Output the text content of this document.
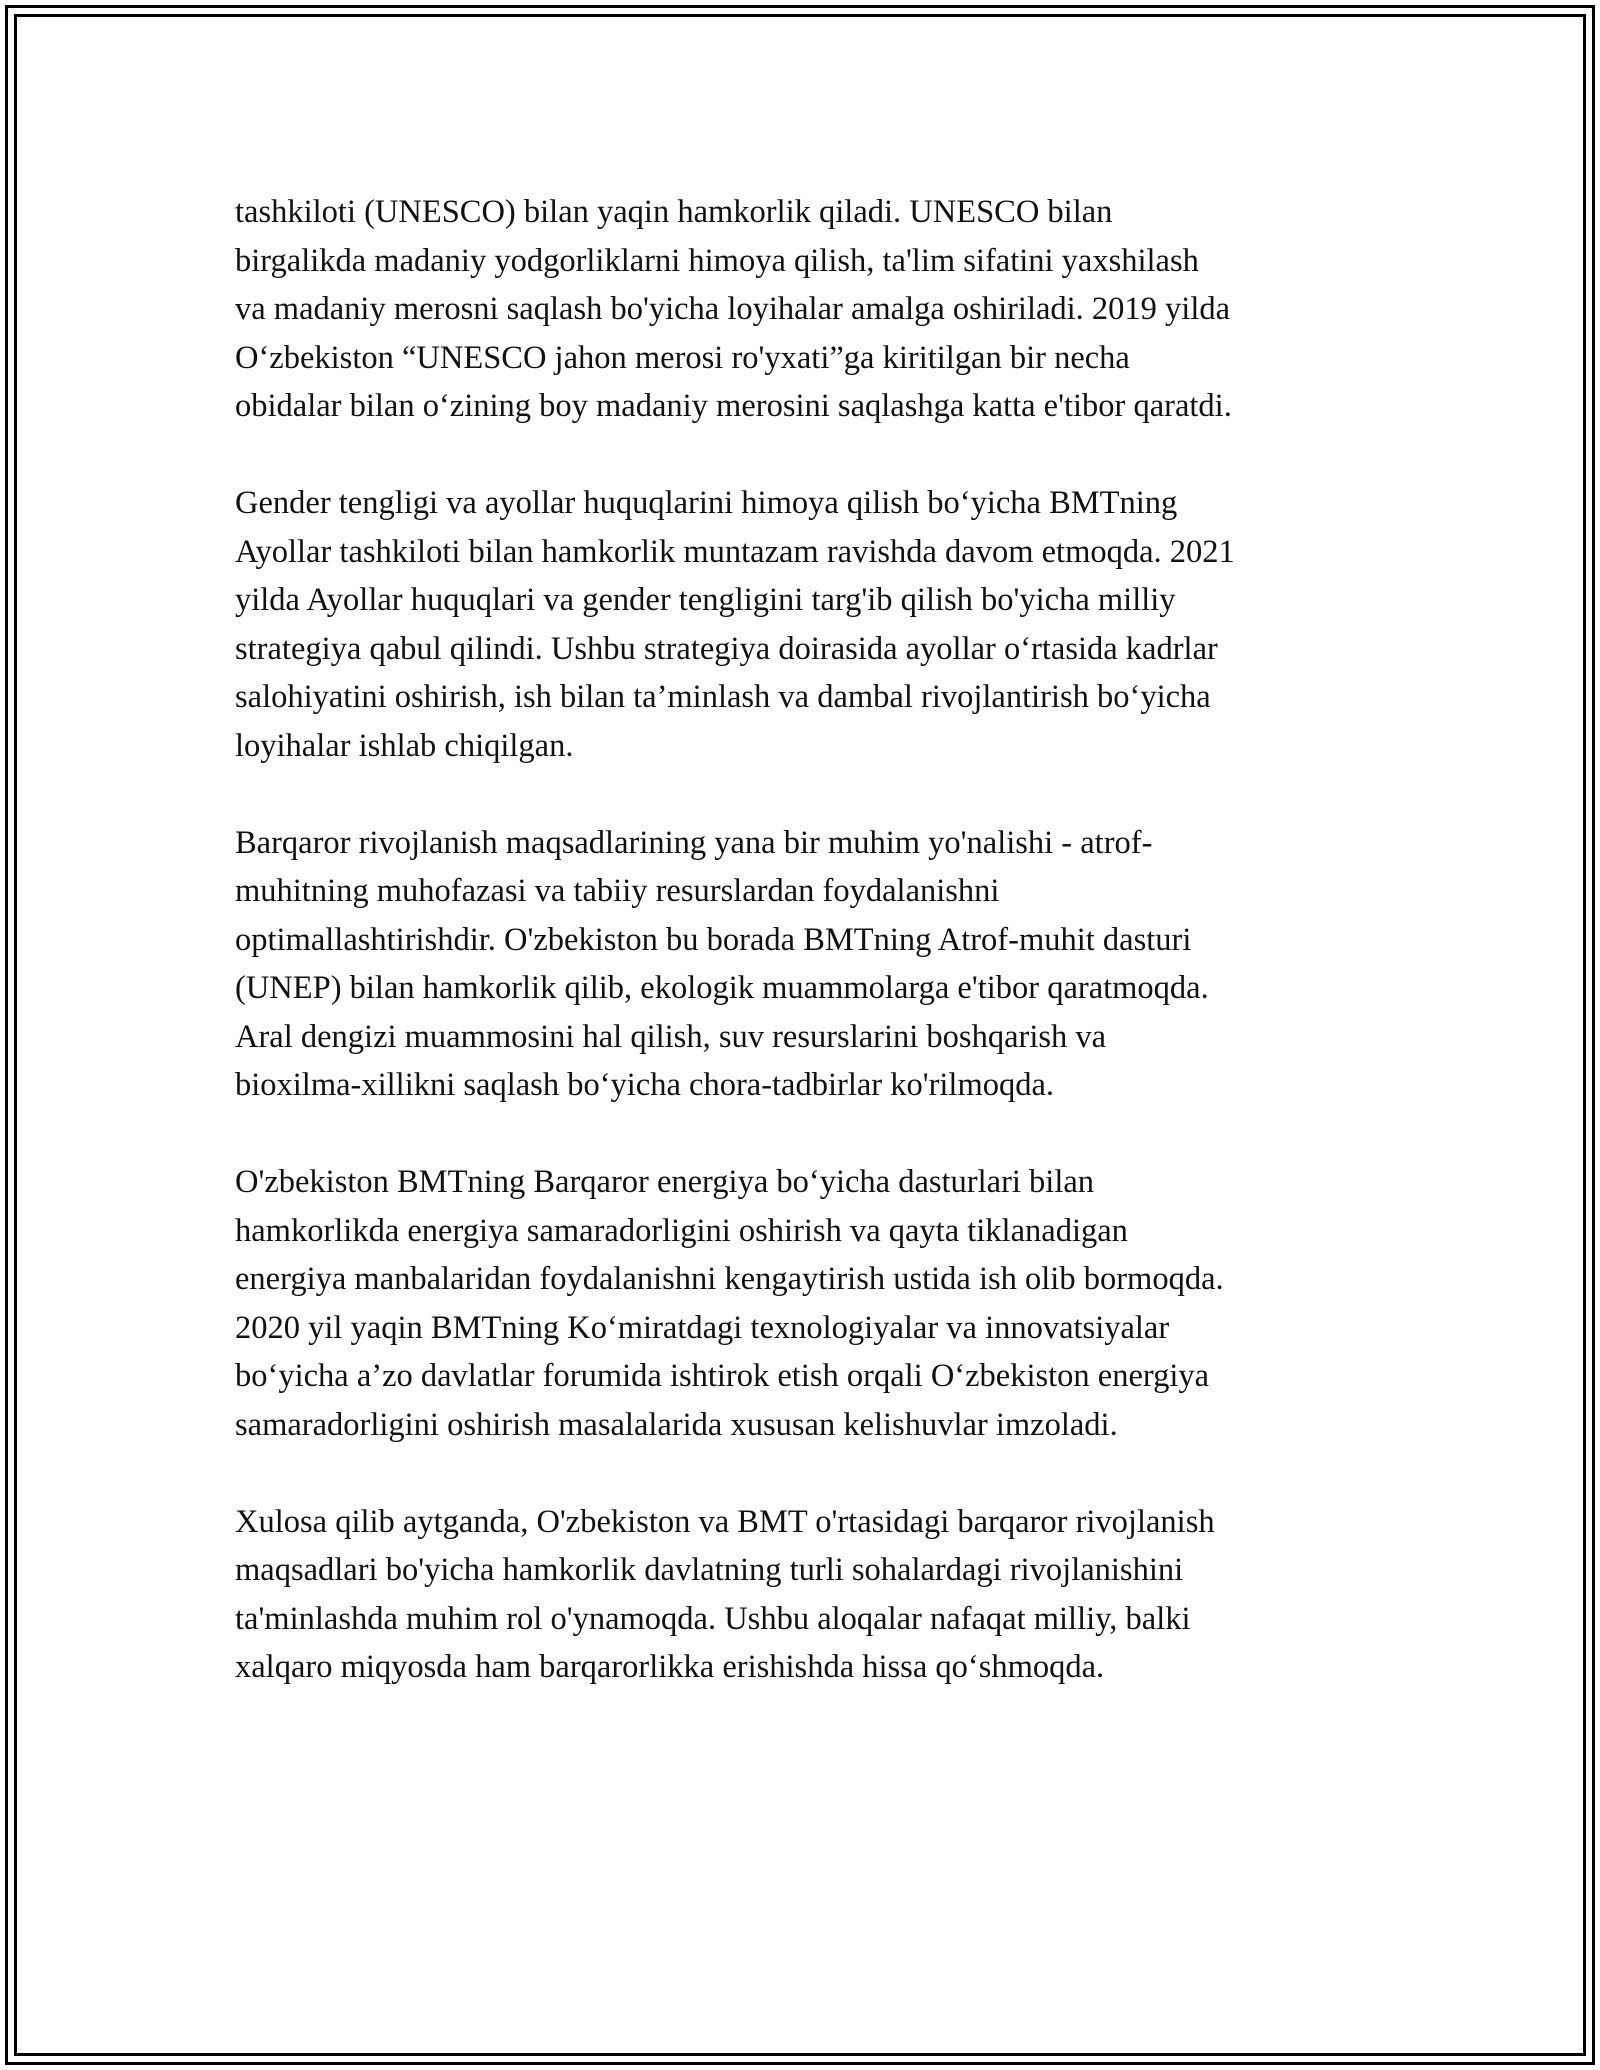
tashkiloti (UNESCO) bilan yaqin hamkorlik qiladi. UNESCO bilan
birgalikda madaniy yodgorliklarni himoya qilish, ta'lim sifatini yaxshilash
va madaniy merosni saqlash bo'yicha loyihalar amalga oshiriladi. 2019 yilda
O‘zbekiston “UNESCO jahon merosi ro'yxati”ga kiritilgan bir necha
obidalar bilan o‘zining boy madaniy merosini saqlashga katta e'tibor qaratdi.

Gender tengligi va ayollar huquqlarini himoya qilish bo‘yicha BMTning
Ayollar tashkiloti bilan hamkorlik muntazam ravishda davom etmoqda. 2021
yilda Ayollar huquqlari va gender tengligini targ'ib qilish bo'yicha milliy
strategiya qabul qilindi. Ushbu strategiya doirasida ayollar o‘rtasida kadrlar
salohiyatini oshirish, ish bilan ta’minlash va dambal rivojlantirish bo‘yicha
loyihalar ishlab chiqilgan.

Barqaror rivojlanish maqsadlarining yana bir muhim yo'nalishi - atrof-
muhitning muhofazasi va tabiiy resurslardan foydalanishni
optimallashtirishdir. O'zbekiston bu borada BMTning Atrof-muhit dasturi
(UNEP) bilan hamkorlik qilib, ekologik muammolarga e'tibor qaratmoqda.
Aral dengizi muammosini hal qilish, suv resurslarini boshqarish va
bioxilma-xillikni saqlash bo‘yicha chora-tadbirlar ko'rilmoqda.

O'zbekiston BMTning Barqaror energiya bo‘yicha dasturlari bilan
hamkorlikda energiya samaradorligini oshirish va qayta tiklanadigan
energiya manbalaridan foydalanishni kengaytirish ustida ish olib bormoqda.
2020 yil yaqin BMTning Ko‘miratdagi texnologiyalar va innovatsiyalar
bo‘yicha a’zo davlatlar forumida ishtirok etish orqali O‘zbekiston energiya
samaradorligini oshirish masalalarida xususan kelishuvlar imzoladi.

Xulosa qilib aytganda, O'zbekiston va BMT o'rtasidagi barqaror rivojlanish
maqsadlari bo'yicha hamkorlik davlatning turli sohalardagi rivojlanishini
ta'minlashda muhim rol o'ynamoqda. Ushbu aloqalar nafaqat milliy, balki
xalqaro miqyosda ham barqarorlikka erishishda hissa qo‘shmoqda.
